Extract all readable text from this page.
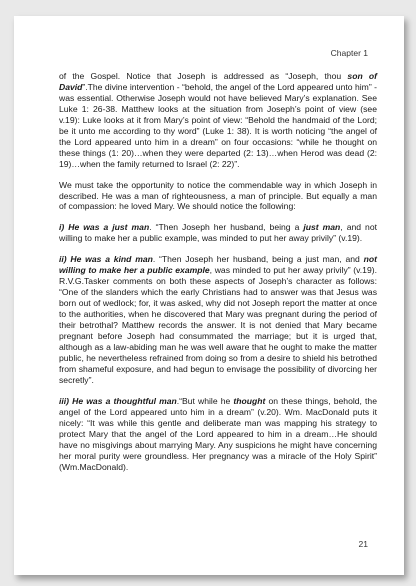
Chapter 1

of the Gospel. Notice that Joseph is addressed as “Joseph, thou son of David”.The divine intervention - “behold, the angel of the Lord appeared unto him” - was essential. Otherwise Joseph would not have believed Mary’s explanation. See Luke 1: 26-38. Matthew looks at the situation from Joseph’s point of view (see v.19): Luke looks at it from Mary’s point of view: “Behold the handmaid of the Lord; be it unto me according to thy word” (Luke 1: 38). It is worth noticing “the angel of the Lord appeared unto him in a dream” on four occasions: “while he thought on these things (1: 20)…when they were departed (2: 13)…when Herod was dead (2: 19)…when the family returned to Israel (2: 22)”.

We must take the opportunity to notice the commendable way in which Joseph in described. He was a man of righteousness, a man of principle. But equally a man of compassion: he loved Mary. We should notice the following:

i) He was a just man. “Then Joseph her husband, being a just man, and not willing to make her a public example, was minded to put her away privily” (v.19).

ii) He was a kind man. “Then Joseph her husband, being a just man, and not willing to make her a public example, was minded to put her away privily” (v.19). R.V.G.Tasker comments on both these aspects of Joseph’s character as follows: “One of the slanders which the early Christians had to answer was that Jesus was born out of wedlock; for, it was asked, why did not Joseph report the matter at once to the authorities, when he discovered that Mary was pregnant during the period of their betrothal? Matthew records the answer. It is not denied that Mary became pregnant before Joseph had consummated the marriage; but it is urged that, although as a law-abiding man he was well aware that he ought to make the matter public, he nevertheless refrained from doing so from a desire to shield his betrothed from shameful exposure, and had begun to envisage the possibility of divorcing her secretly”.

iii) He was a thoughtful man.“But while he thought on these things, behold, the angel of the Lord appeared unto him in a dream” (v.20). Wm. MacDonald puts it nicely: “It was while this gentle and deliberate man was mapping his strategy to protect Mary that the angel of the Lord appeared to him in a dream…He should have no misgivings about marrying Mary. Any suspicions he might have concerning her moral purity were groundless. Her pregnancy was a miracle of the Holy Spirit” (Wm.MacDonald).

21
